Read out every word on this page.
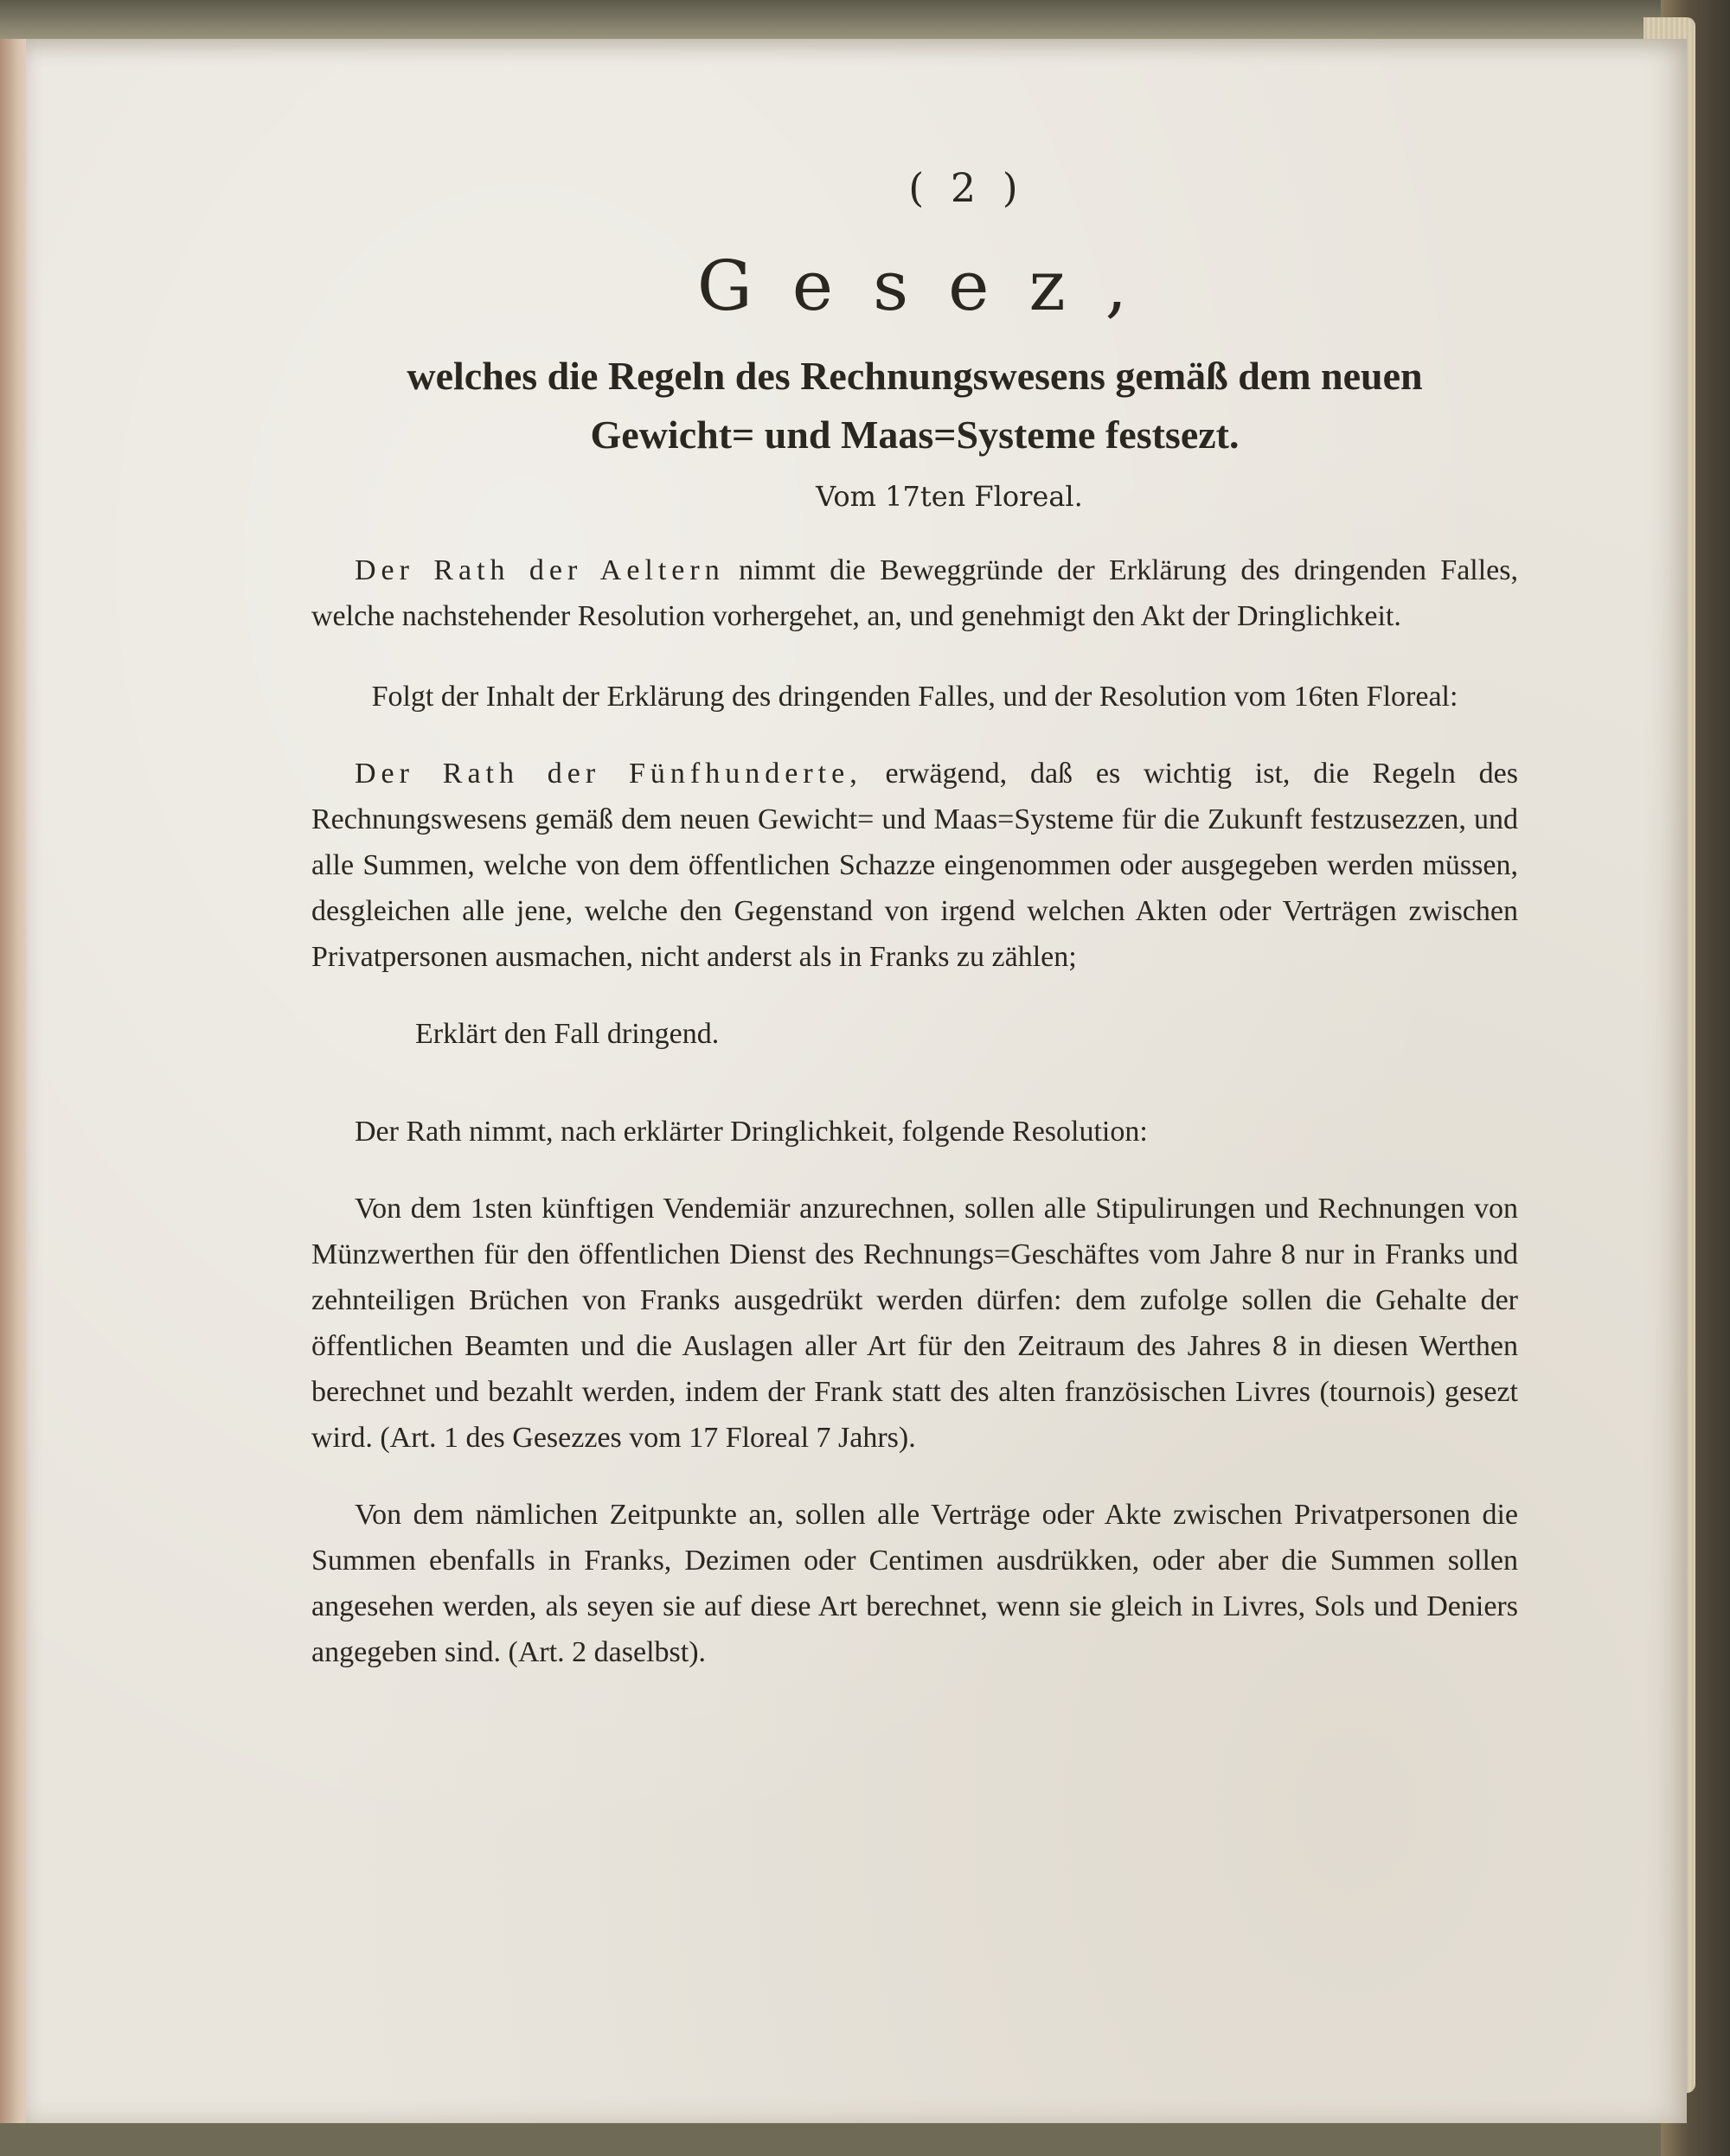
( 2 )
Gesez,
welches die Regeln des Rechnungswesens gemäß dem neuen
Gewicht= und Maas=Systeme festsezt.
Vom 17ten Floreal.

Der Rath der Aeltern nimmt die Beweggründe der Erklärung des dringenden Falles, welche nachstehender Resolution vorhergehet, an, und genehmigt den Akt der Dringlichkeit.

Folgt der Inhalt der Erklärung des dringenden Falles, und der Resolution vom 16ten Floreal:

Der Rath der Fünfhunderte, erwägend, daß es wichtig ist, die Regeln des Rechnungswesens gemäß dem neuen Gewicht= und Maas=Systeme für die Zukunft festzusezzen, und alle Summen, welche von dem öffentlichen Schazze eingenommen oder ausgegeben werden müssen, desgleichen alle jene, welche den Gegenstand von irgend welchen Akten oder Verträgen zwischen Privatpersonen ausmachen, nicht anderst als in Franks zu zählen;

Erklärt den Fall dringend.

Der Rath nimmt, nach erklärter Dringlichkeit, folgende Resolution:

Von dem 1sten künftigen Vendemiär anzurechnen, sollen alle Stipulirungen und Rechnungen von Münzwerthen für den öffentlichen Dienst des Rechnungs=Geschäftes vom Jahre 8 nur in Franks und zehnteiligen Brüchen von Franks ausgedrükt werden dürfen: dem zufolge sollen die Gehalte der öffentlichen Beamten und die Auslagen aller Art für den Zeitraum des Jahres 8 in diesen Werthen berechnet und bezahlt werden, indem der Frank statt des alten französischen Livres (tournois) gesezt wird. (Art. 1 des Gesezzes vom 17 Floreal 7 Jahrs).

Von dem nämlichen Zeitpunkte an, sollen alle Verträge oder Akte zwischen Privatpersonen die Summen ebenfalls in Franks, Dezimen oder Centimen ausdrükken, oder aber die Summen sollen angesehen werden, als seyen sie auf diese Art berechnet, wenn sie gleich in Livres, Sols und Deniers angegeben sind. (Art. 2 daselbst).
